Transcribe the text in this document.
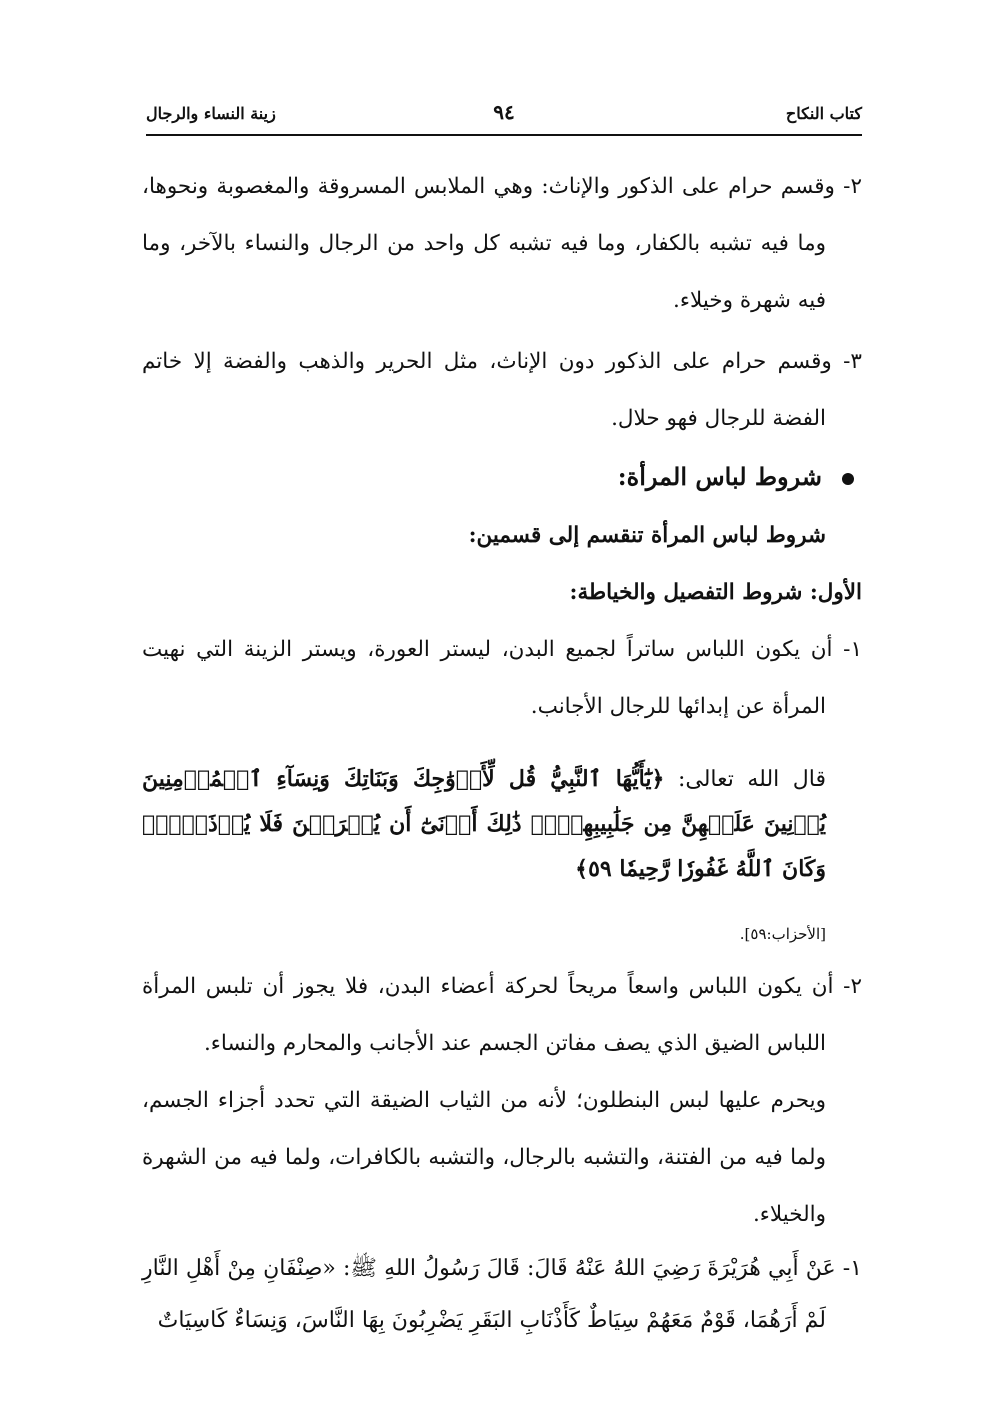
كتاب النكاح
٩٤
زينة النساء والرجال

٢- وقسم حرام على الذكور والإناث: وهي الملابس المسروقة والمغصوبة ونحوها، وما فيه تشبه بالكفار، وما فيه تشبه كل واحد من الرجال والنساء بالآخر، وما فيه شهرة وخيلاء.

٣- وقسم حرام على الذكور دون الإناث، مثل الحرير والذهب والفضة إلا خاتم الفضة للرجال فهو حلال.

شروط لباس المرأة:

شروط لباس المرأة تنقسم إلى قسمين:

الأول: شروط التفصيل والخياطة:

١- أن يكون اللباس ساتراً لجميع البدن، ليستر العورة، ويستر الزينة التي نهيت المرأة عن إبدائها للرجال الأجانب.

قال الله تعالى: ﴿يَٰٓأَيُّهَا ٱلنَّبِيُّ قُل لِّأَزۡوَٰجِكَ وَبَنَاتِكَ وَنِسَآءِ ٱلۡمُؤۡمِنِينَ يُدۡنِينَ عَلَيۡهِنَّ مِن جَلَٰبِيبِهِنَّۚ ذَٰلِكَ أَدۡنَىٰٓ أَن يُعۡرَفۡنَ فَلَا يُؤۡذَيۡنَۗ وَكَانَ ٱللَّهُ غَفُورٗا رَّحِيمٗا ٥٩﴾

[الأحزاب:٥٩].

٢- أن يكون اللباس واسعاً مريحاً لحركة أعضاء البدن، فلا يجوز أن تلبس المرأة اللباس الضيق الذي يصف مفاتن الجسم عند الأجانب والمحارم والنساء.

ويحرم عليها لبس البنطلون؛ لأنه من الثياب الضيقة التي تحدد أجزاء الجسم، ولما فيه من الفتنة، والتشبه بالرجال، والتشبه بالكافرات، ولما فيه من الشهرة والخيلاء.

١- عَنْ أَبِي هُرَيْرَةَ رَضِيَ اللهُ عَنْهُ قَالَ: قَالَ رَسُولُ اللهِ ﷺ: «صِنْفَانِ مِنْ أَهْلِ النَّارِ لَمْ أَرَهُمَا، قَوْمٌ مَعَهُمْ سِيَاطٌ كَأَذْنَابِ البَقَرِ يَضْرِبُونَ بِهَا النَّاسَ، وَنِسَاءٌ كَاسِيَاتٌ
